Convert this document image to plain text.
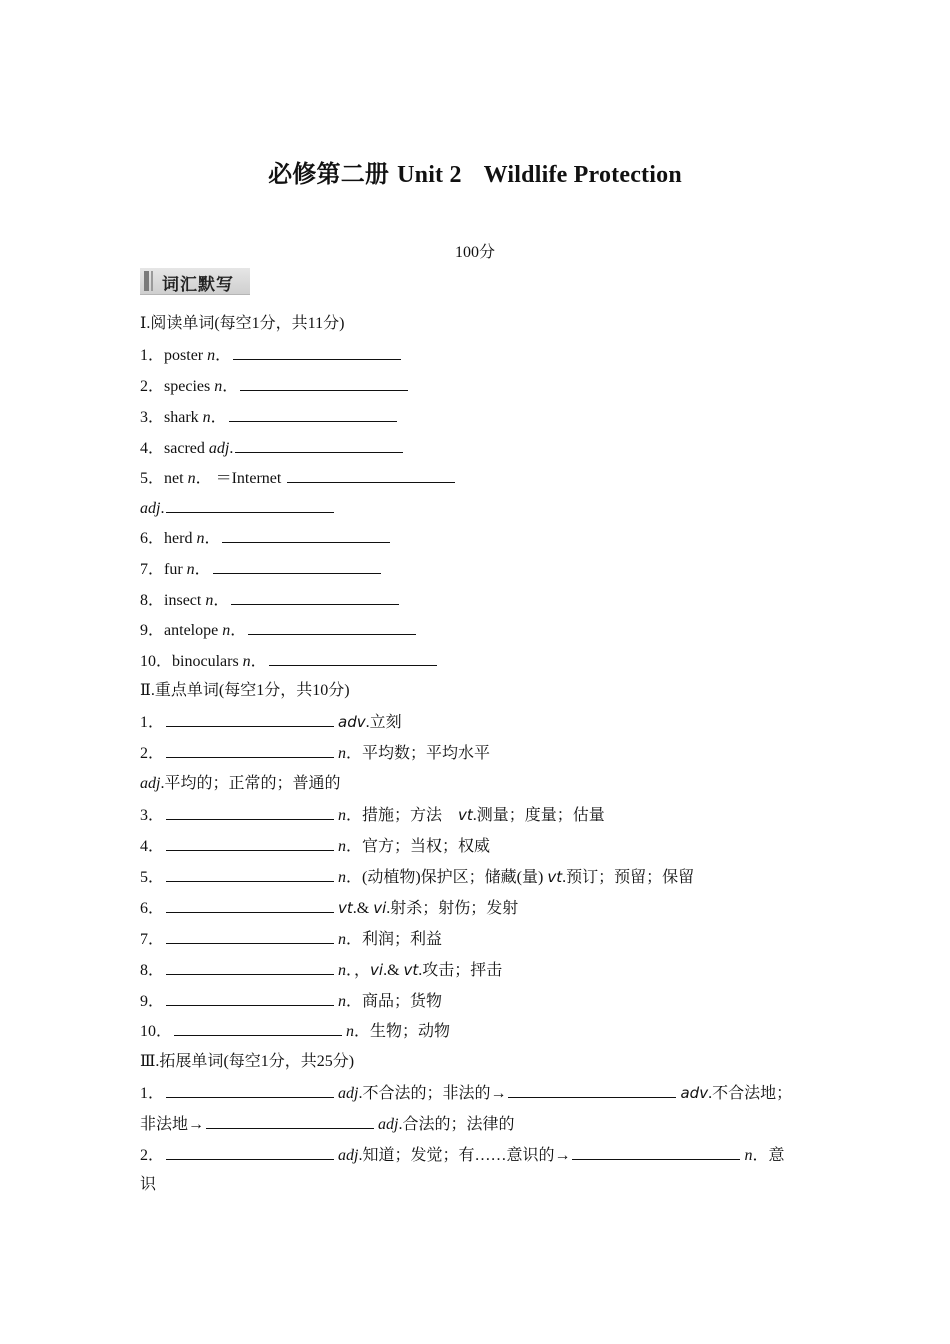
必修第二册 Unit 2 Wildlife Protection
100分
词汇默写
Ⅰ.阅读单词(每空1分，共11分)
1．poster n．
2．species n．
3．shark n．
4．sacred adj.
5．net n． ＝Internet
adj.
6．herd n．
7．fur n．
8．insect n．
9．antelope n．
10．binoculars n．
Ⅱ.重点单词(每空1分，共10分)
1．	adv.立刻
2．	n．平均数；平均水平
adj.平均的；正常的；普通的
3．	n．措施；方法 vt.测量；度量；估量
4．	n．官方；当权；权威
5．	n．(动植物)保护区；储藏(量) vt.预订；预留；保留
6．	vt.& vi.射杀；射伤；发射
7．	n．利润；利益
8．	n．，vi.& vt.攻击；抨击
9．	n．商品；货物
10．	n．生物；动物
Ⅲ.拓展单词(每空1分，共25分)
1．	adj.不合法的；非法的→	adv.不合法地；
非法地→	adj.合法的；法律的
2．	adj.知道；发觉；有……意识的→	n．意
识
